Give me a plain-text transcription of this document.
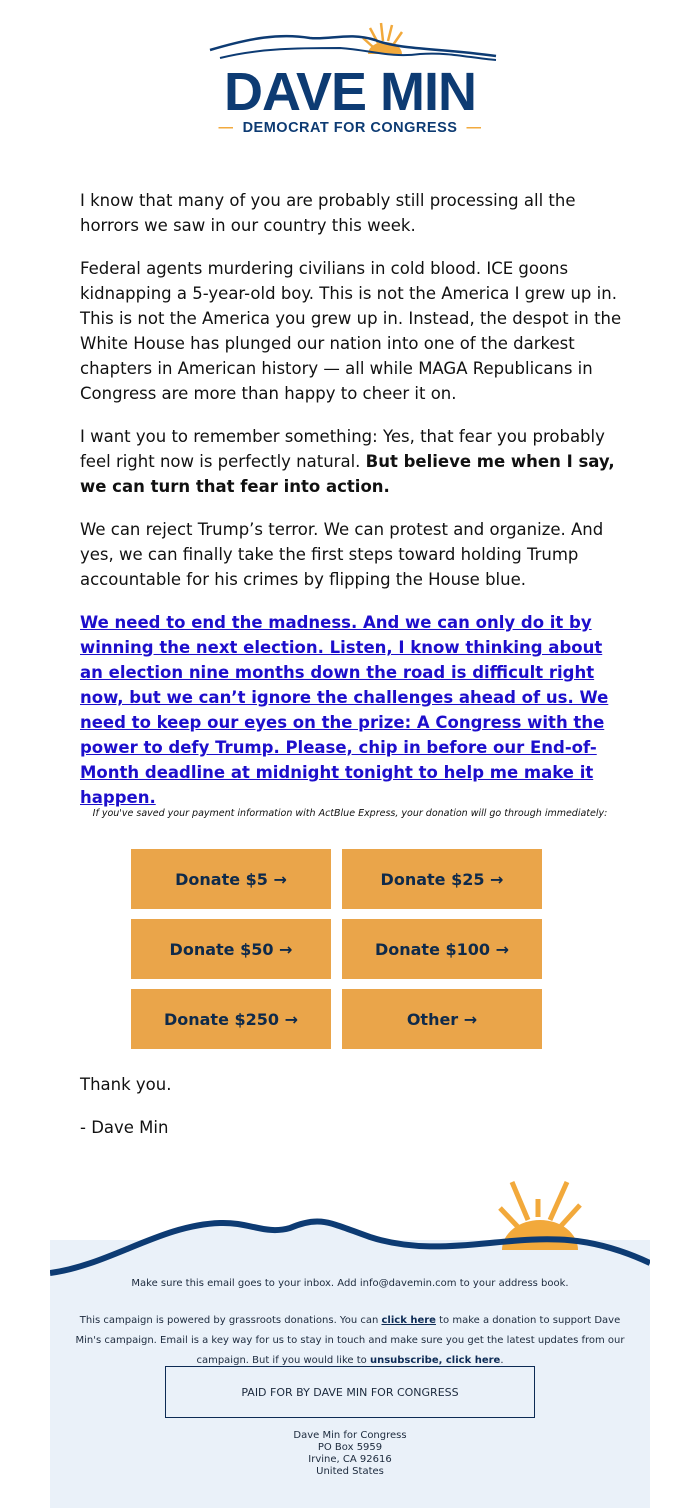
DAVE MIN
— DEMOCRAT FOR CONGRESS —

I know that many of you are probably still processing all the horrors we saw in our country this week.

Federal agents murdering civilians in cold blood. ICE goons kidnapping a 5-year-old boy. This is not the America I grew up in. This is not the America you grew up in. Instead, the despot in the White House has plunged our nation into one of the darkest chapters in American history — all while MAGA Republicans in Congress are more than happy to cheer it on.

I want you to remember something: Yes, that fear you probably feel right now is perfectly natural. But believe me when I say, we can turn that fear into action.

We can reject Trump’s terror. We can protest and organize. And yes, we can finally take the first steps toward holding Trump accountable for his crimes by flipping the House blue.

We need to end the madness. And we can only do it by winning the next election. Listen, I know thinking about an election nine months down the road is difficult right now, but we can’t ignore the challenges ahead of us. We need to keep our eyes on the prize: A Congress with the power to defy Trump. Please, chip in before our End-of-Month deadline at midnight tonight to help me make it happen.

If you've saved your payment information with ActBlue Express, your donation will go through immediately:
Donate $5 →	Donate $25 →
Donate $50 →	Donate $100 →
Donate $250 →	Other →
Thank you.
- Dave Min
Make sure this email goes to your inbox. Add info@davemin.com to your address book.
This campaign is powered by grassroots donations. You can click here to make a donation to support Dave Min's campaign. Email is a key way for us to stay in touch and make sure you get the latest updates from our campaign. But if you would like to unsubscribe, click here.
PAID FOR BY DAVE MIN FOR CONGRESS
Dave Min for Congress
PO Box 5959
Irvine, CA 92616
United States
